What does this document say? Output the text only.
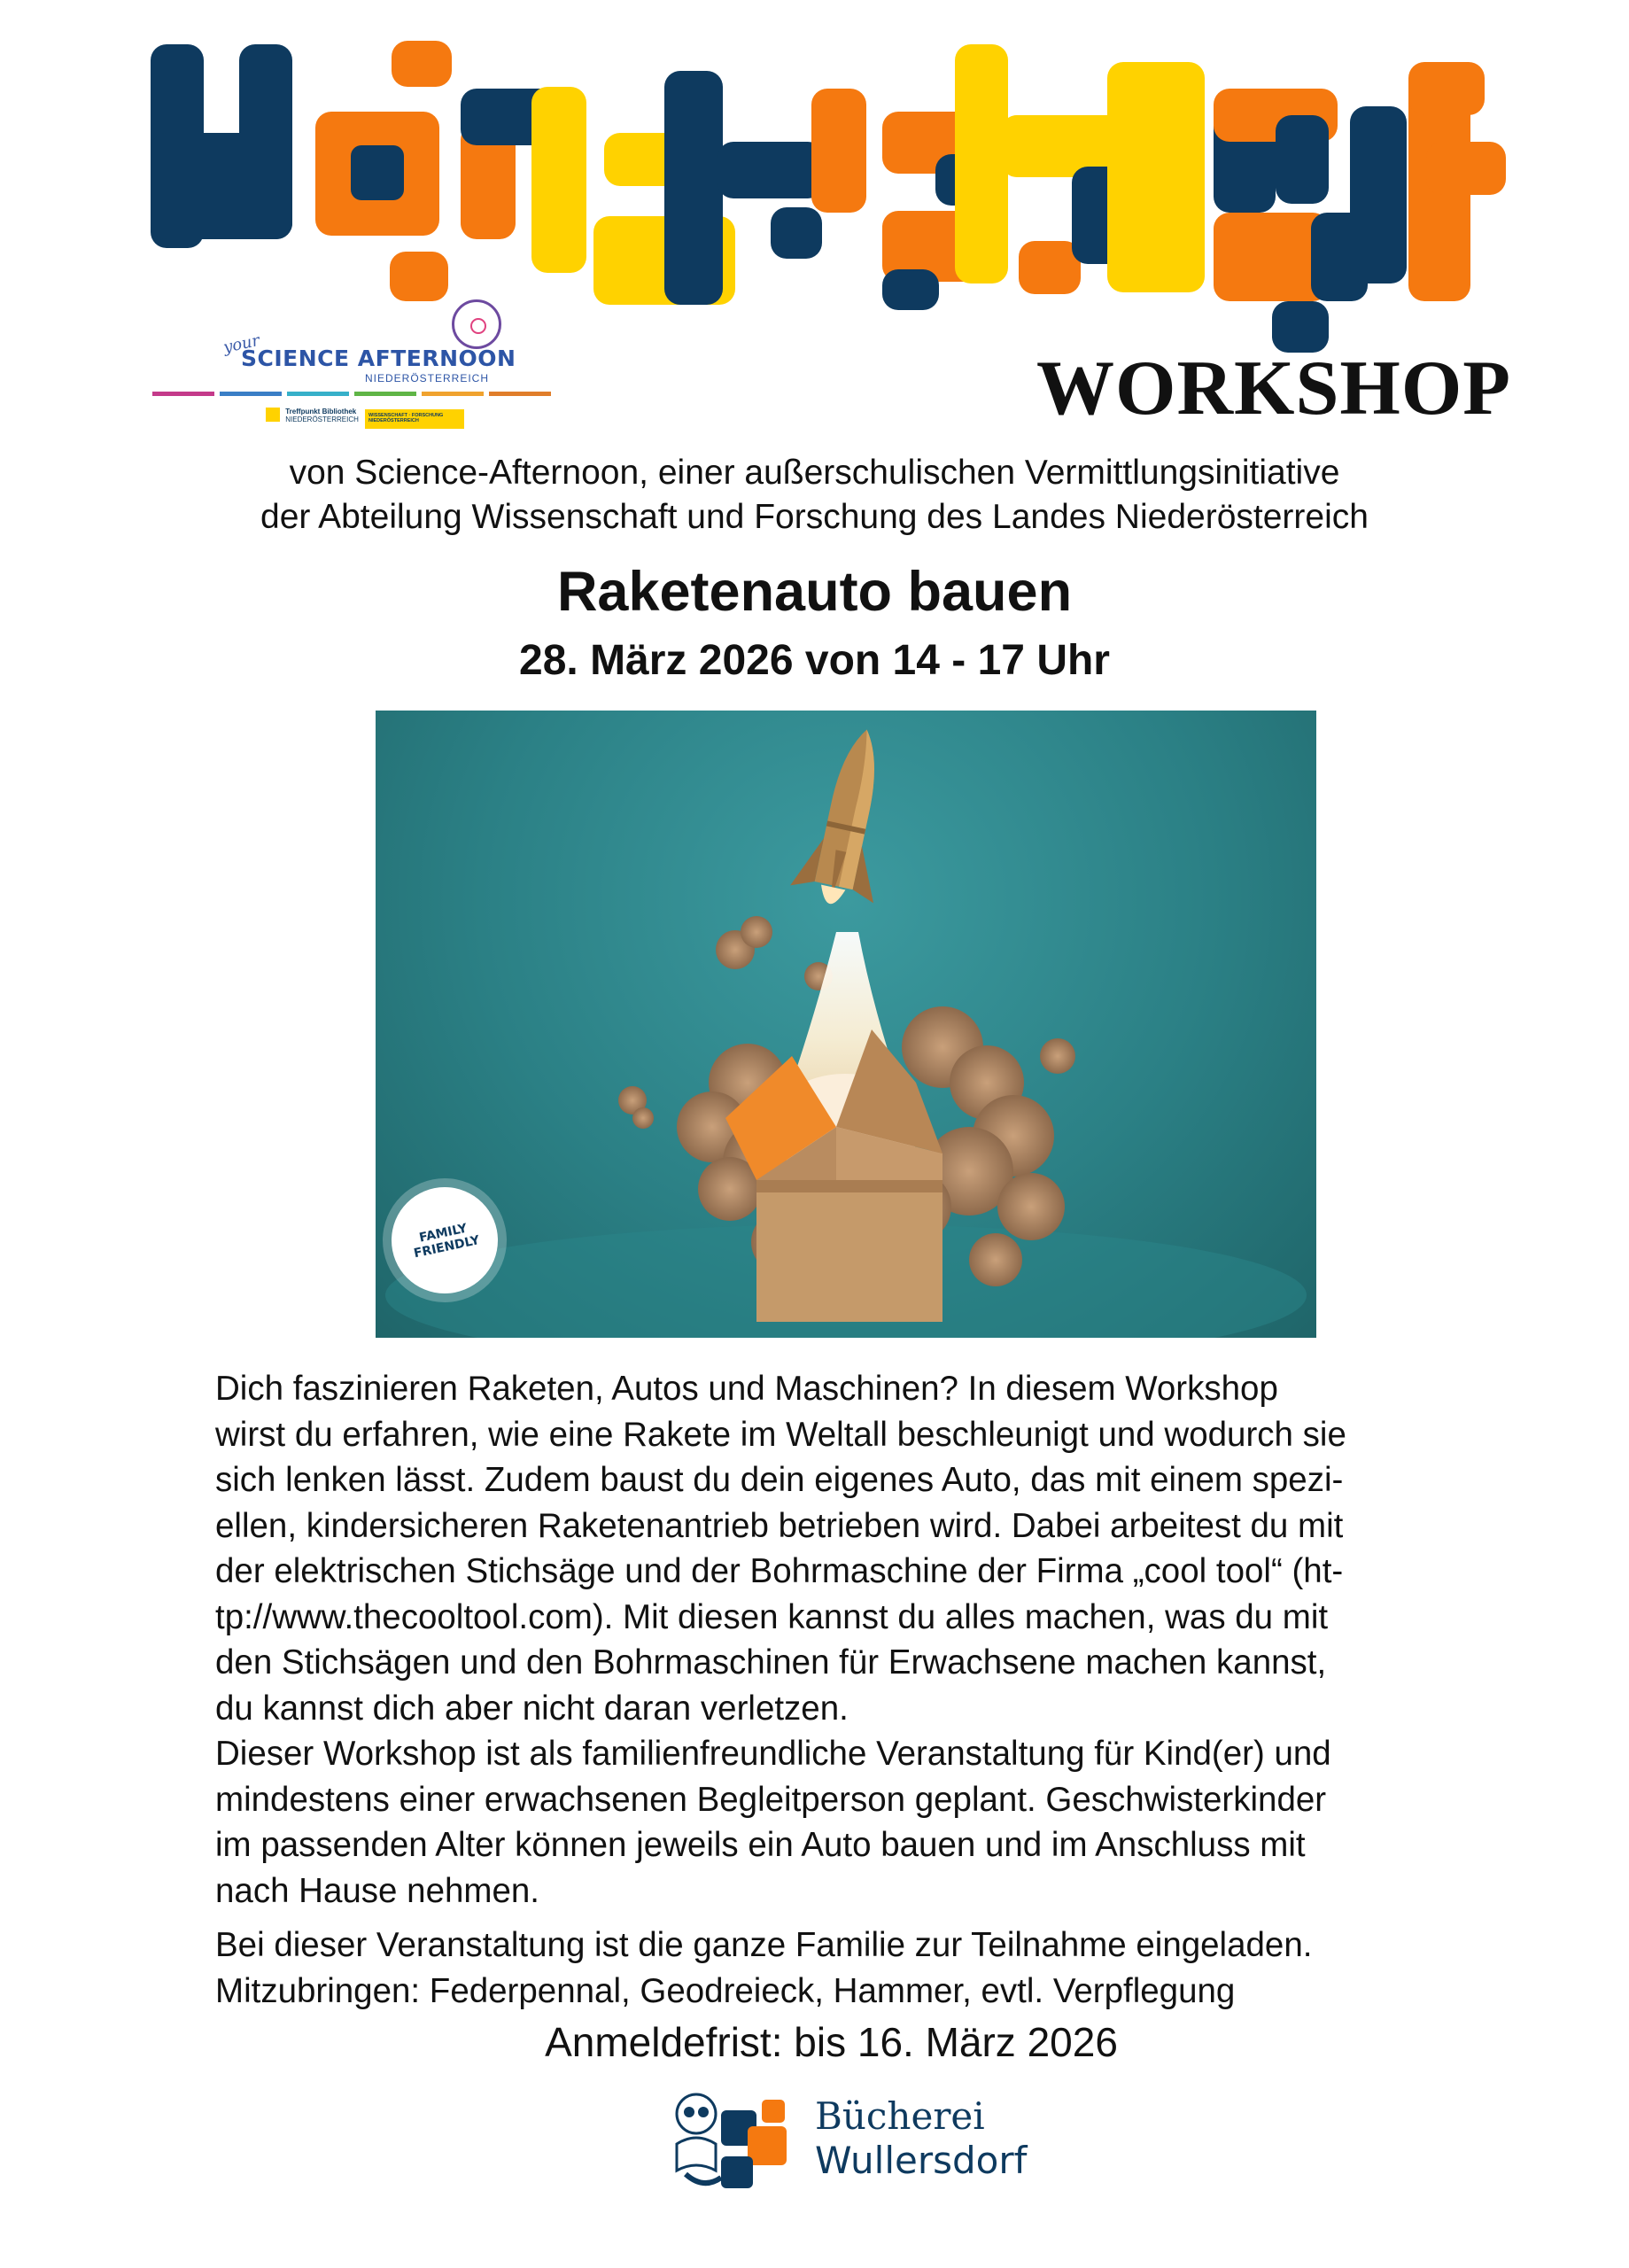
your
SCIENCE AFTERNOON
NIEDERÖSTERREICH
Treffpunkt Bibliothek
NIEDERÖSTERREICH	WISSENSCHAFT · FORSCHUNG NIEDERÖSTERREICH	WORKSHOP
von Science-Afternoon, einer außerschulischen Vermittlungsinitiative
der Abteilung Wissenschaft und Forschung des Landes Niederösterreich
Raketenauto bauen
28. März 2026 von 14 - 17 Uhr
FAMILY FRIENDLY

Dich faszinieren Raketen, Autos und Maschinen? In diesem Workshop
wirst du erfahren, wie eine Rakete im Weltall beschleunigt und wodurch sie
sich lenken lässt. Zudem baust du dein eigenes Auto, das mit einem spezi-
ellen, kindersicheren Raketenantrieb betrieben wird. Dabei arbeitest du mit
der elektrischen Stichsäge und der Bohrmaschine der Firma „cool tool“ (ht-
tp://www.thecooltool.com). Mit diesen kannst du alles machen, was du mit
den Stichsägen und den Bohrmaschinen für Erwachsene machen kannst,
du kannst dich aber nicht daran verletzen.

Dieser Workshop ist als familienfreundliche Veranstaltung für Kind(er) und
mindestens einer erwachsenen Begleitperson geplant. Geschwisterkinder
im passenden Alter können jeweils ein Auto bauen und im Anschluss mit
nach Hause nehmen.

Bei dieser Veranstaltung ist die ganze Familie zur Teilnahme eingeladen.
Mitzubringen: Federpennal, Geodreieck, Hammer, evtl. Verpflegung

Anmeldefrist: bis 16. März 2026
Bücherei
Wullersdorf
